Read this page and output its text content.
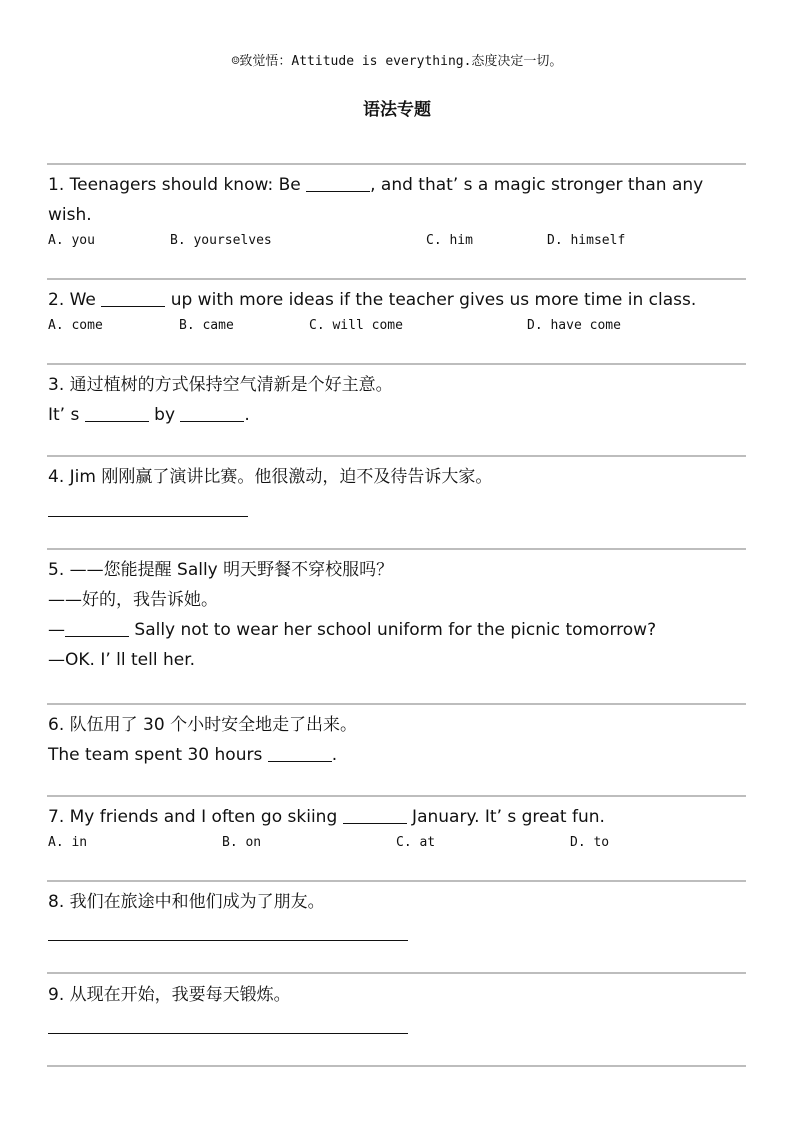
☺致觉悟：Attitude is everything.态度决定一切。
语法专题
1. Teenagers should know: Be	, and that’ s a magic stronger than any
wish.
A. you	B. yourselves	C. him	D. himself
2. We	up with more ideas if the teacher gives us more time in class.
A. come	B. came	C. will come	D. have come
3. 通过植树的方式保持空气清新是个好主意。
It’ s	by	.
4. Jim 刚刚赢了演讲比赛。他很激动，迫不及待告诉大家。
5. ——您能提醒 Sally 明天野餐不穿校服吗？
——好的，我告诉她。
—	Sally not to wear her school uniform for the picnic tomorrow?
—OK. I’ ll tell her.
6. 队伍用了 30 个小时安全地走了出来。
The team spent 30 hours	.
7. My friends and I often go skiing	January. It’ s great fun.
A. in	B. on	C. at	D. to
8. 我们在旅途中和他们成为了朋友。
9. 从现在开始，我要每天锻炼。
